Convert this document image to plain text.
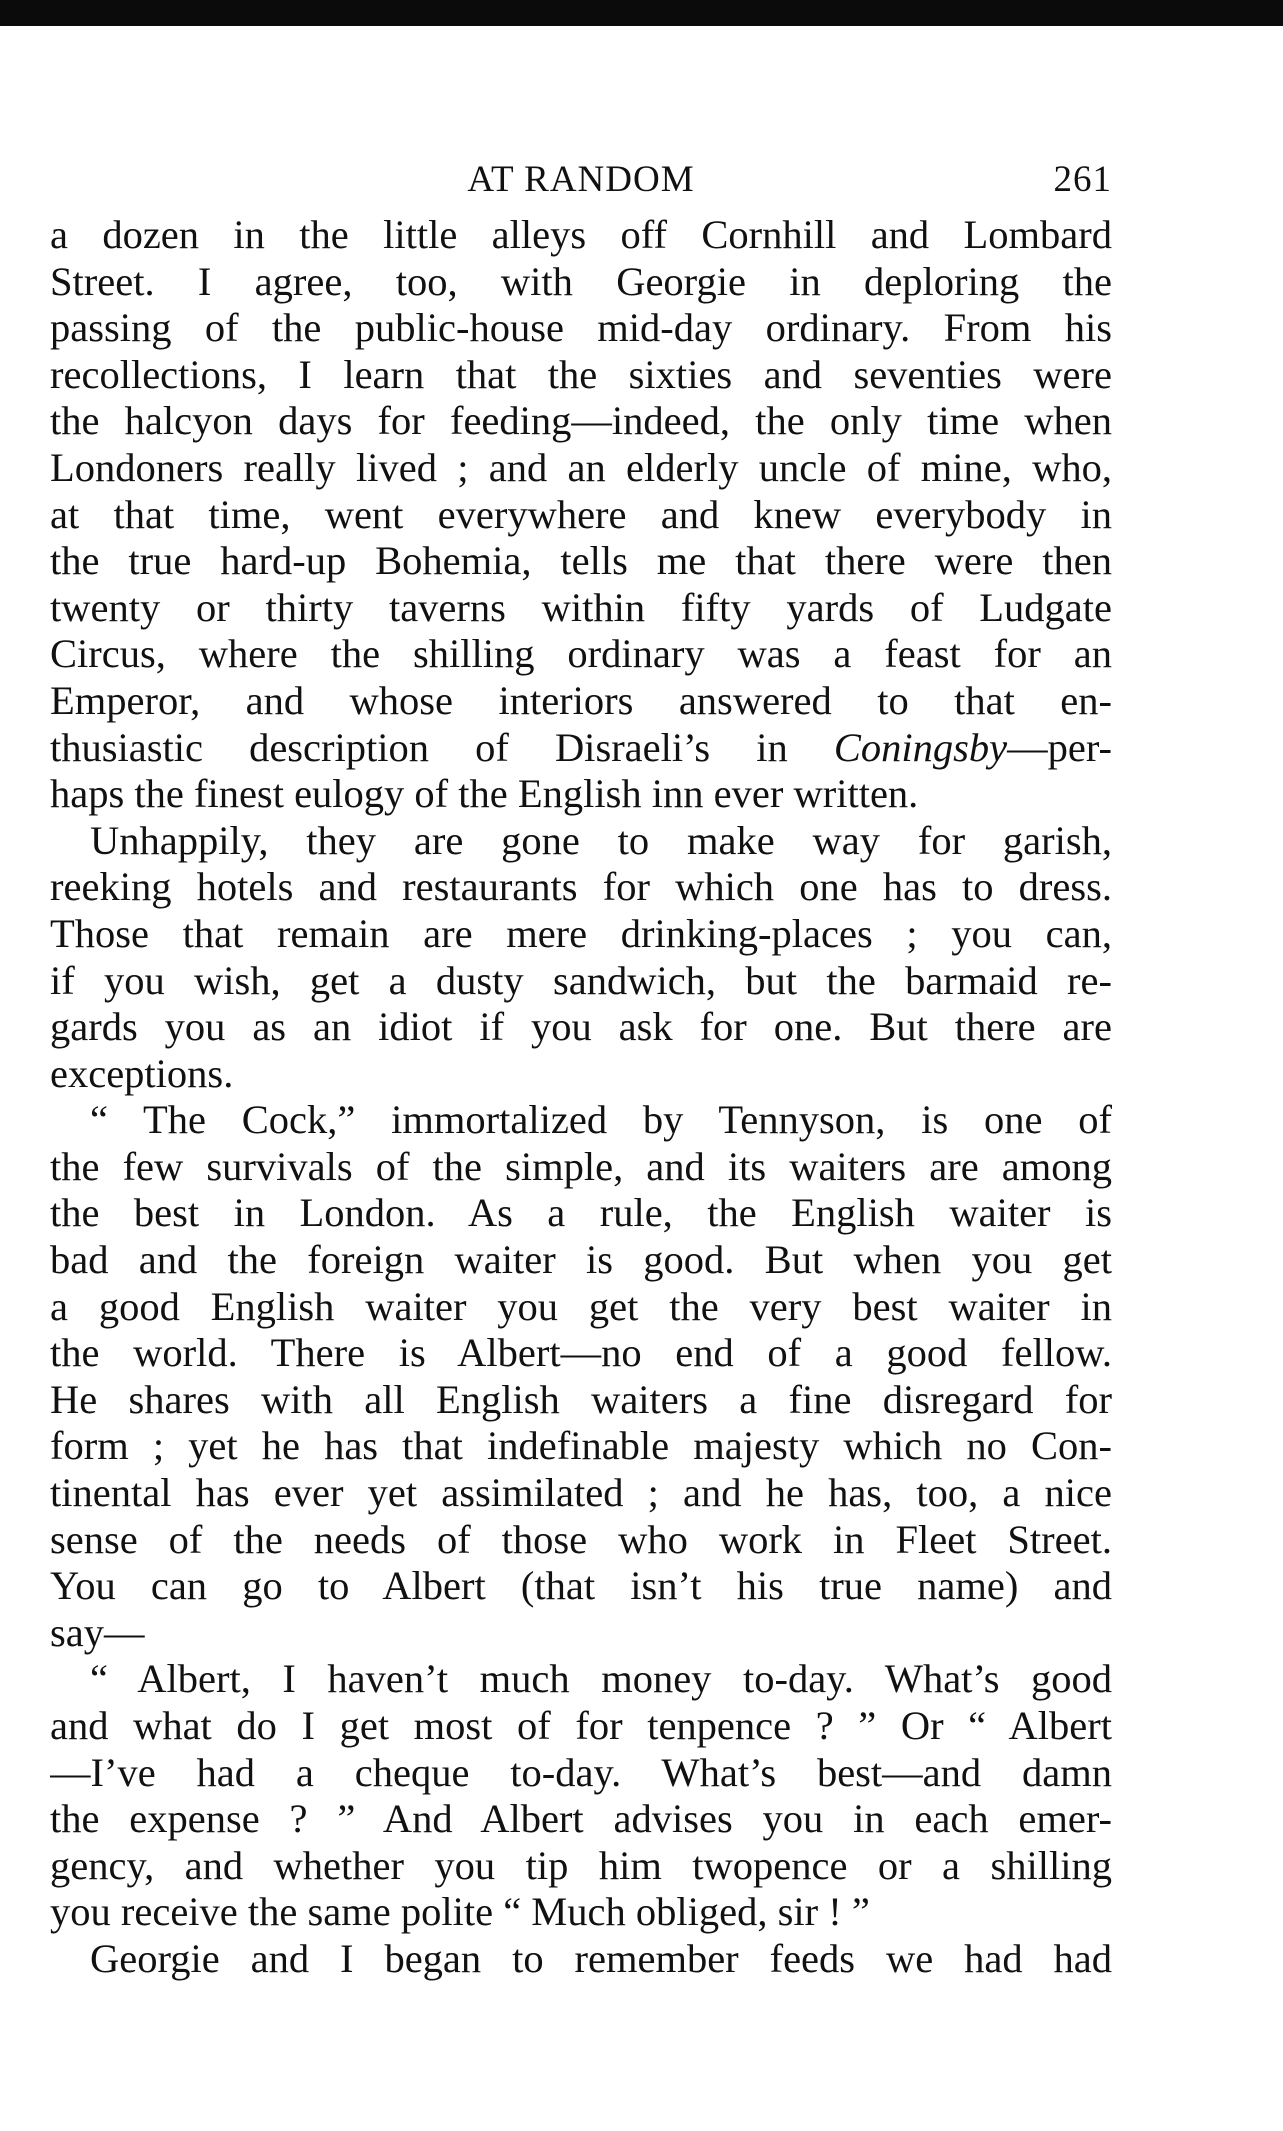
AT RANDOM	261

a dozen in the little alleys off Cornhill and Lombard
Street. I agree, too, with Georgie in deploring the
passing of the public-house mid-day ordinary. From his
recollections, I learn that the sixties and seventies were
the halcyon days for feeding—indeed, the only time when
Londoners really lived ; and an elderly uncle of mine, who,
at that time, went everywhere and knew everybody in
the true hard-up Bohemia, tells me that there were then
twenty or thirty taverns within fifty yards of Ludgate
Circus, where the shilling ordinary was a feast for an
Emperor, and whose interiors answered to that en-
thusiastic description of Disraeli’s in Coningsby—per-
haps the finest eulogy of the English inn ever written.

Unhappily, they are gone to make way for garish,
reeking hotels and restaurants for which one has to dress.
Those that remain are mere drinking-places ; you can,
if you wish, get a dusty sandwich, but the barmaid re-
gards you as an idiot if you ask for one. But there are
exceptions.

“ The Cock,” immortalized by Tennyson, is one of
the few survivals of the simple, and its waiters are among
the best in London. As a rule, the English waiter is
bad and the foreign waiter is good. But when you get
a good English waiter you get the very best waiter in
the world. There is Albert—no end of a good fellow.
He shares with all English waiters a fine disregard for
form ; yet he has that indefinable majesty which no Con-
tinental has ever yet assimilated ; and he has, too, a nice
sense of the needs of those who work in Fleet Street.
You can go to Albert (that isn’t his true name) and
say—

“ Albert, I haven’t much money to-day. What’s good
and what do I get most of for tenpence ? ” Or “ Albert
—I’ve had a cheque to-day. What’s best—and damn
the expense ? ” And Albert advises you in each emer-
gency, and whether you tip him twopence or a shilling
you receive the same polite “ Much obliged, sir ! ”

Georgie and I began to remember feeds we had had
